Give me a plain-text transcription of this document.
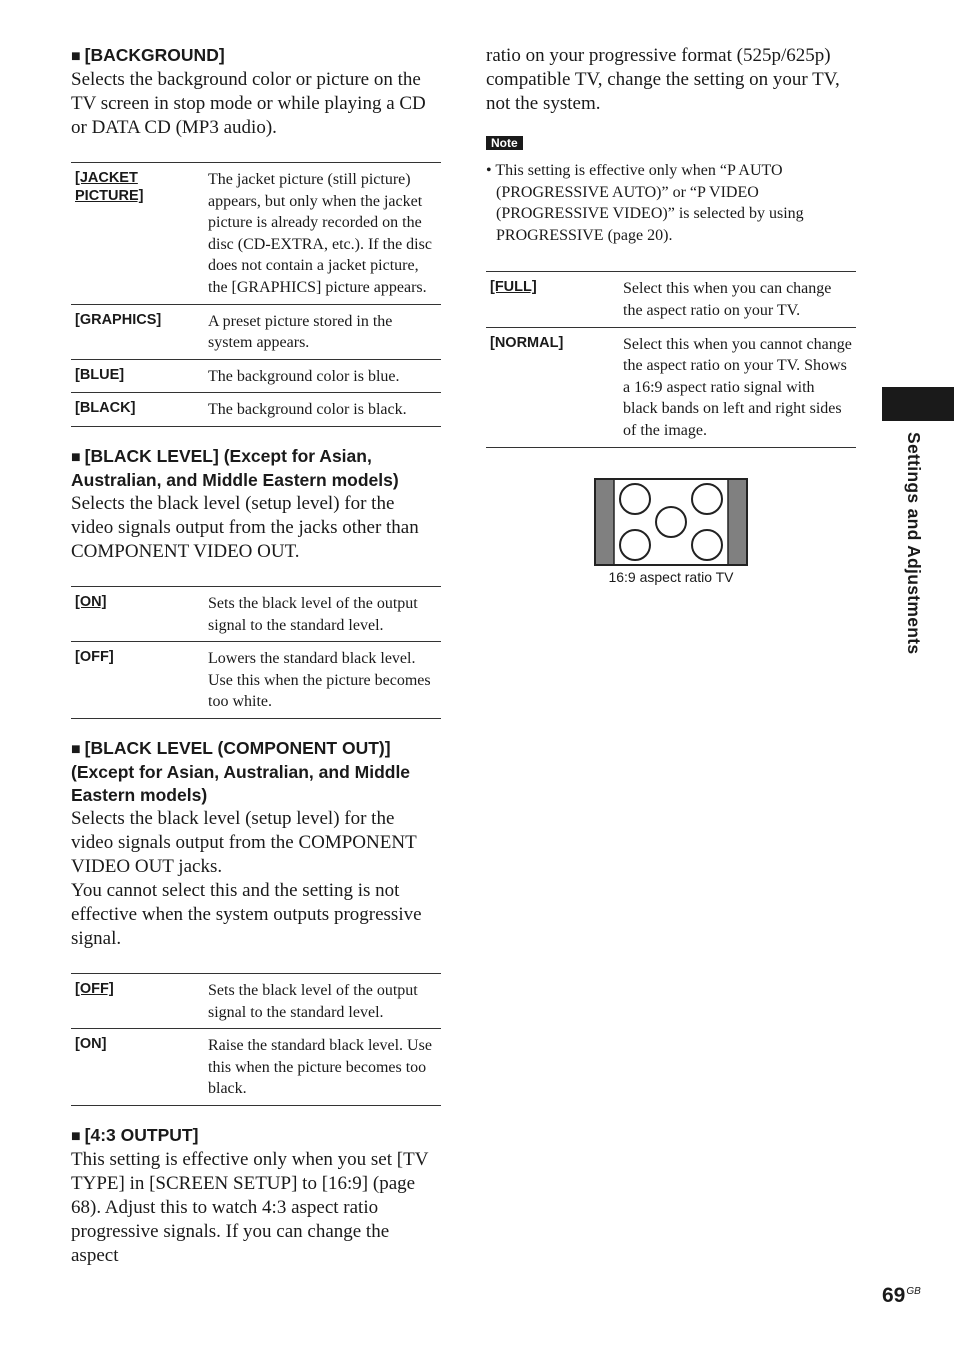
■ [BACKGROUND]

Selects the background color or picture on the TV screen in stop mode or while playing a CD or DATA CD (MP3 audio).

[JACKET PICTURE]	The jacket picture (still picture) appears, but only when the jacket picture is already recorded on the disc (CD-EXTRA, etc.). If the disc does not contain a jacket picture, the [GRAPHICS] picture appears.
[GRAPHICS]	A preset picture stored in the system appears.
[BLUE]	The background color is blue.
[BLACK]	The background color is black.

■ [BLACK LEVEL] (Except for Asian, Australian, and Middle Eastern models)

Selects the black level (setup level) for the video signals output from the jacks other than COMPONENT VIDEO OUT.

[ON]	Sets the black level of the output signal to the standard level.
[OFF]	Lowers the standard black level. Use this when the picture becomes too white.

■ [BLACK LEVEL (COMPONENT OUT)] (Except for Asian, Australian, and Middle Eastern models)

Selects the black level (setup level) for the video signals output from the COMPONENT VIDEO OUT jacks.

You cannot select this and the setting is not effective when the system outputs progressive signal.

[OFF]	Sets the black level of the output signal to the standard level.
[ON]	Raise the standard black level. Use this when the picture becomes too black.

■ [4:3 OUTPUT]

This setting is effective only when you set [TV TYPE] in [SCREEN SETUP] to [16:9] (page 68). Adjust this to watch 4:3 aspect ratio progressive signals. If you can change the aspect

ratio on your progressive format (525p/625p) compatible TV, change the setting on your TV, not the system.

Note

• This setting is effective only when “P AUTO (PROGRESSIVE AUTO)” or “P VIDEO (PROGRESSIVE VIDEO)” is selected by using PROGRESSIVE (page 20).

[FULL]	Select this when you can change the aspect ratio on your TV.
[NORMAL]	Select this when you cannot change the aspect ratio on your TV. Shows a 16:9 aspect ratio signal with black bands on left and right sides of the image.
16:9 aspect ratio TV	Settings and Adjustments
$69^{GB}$
